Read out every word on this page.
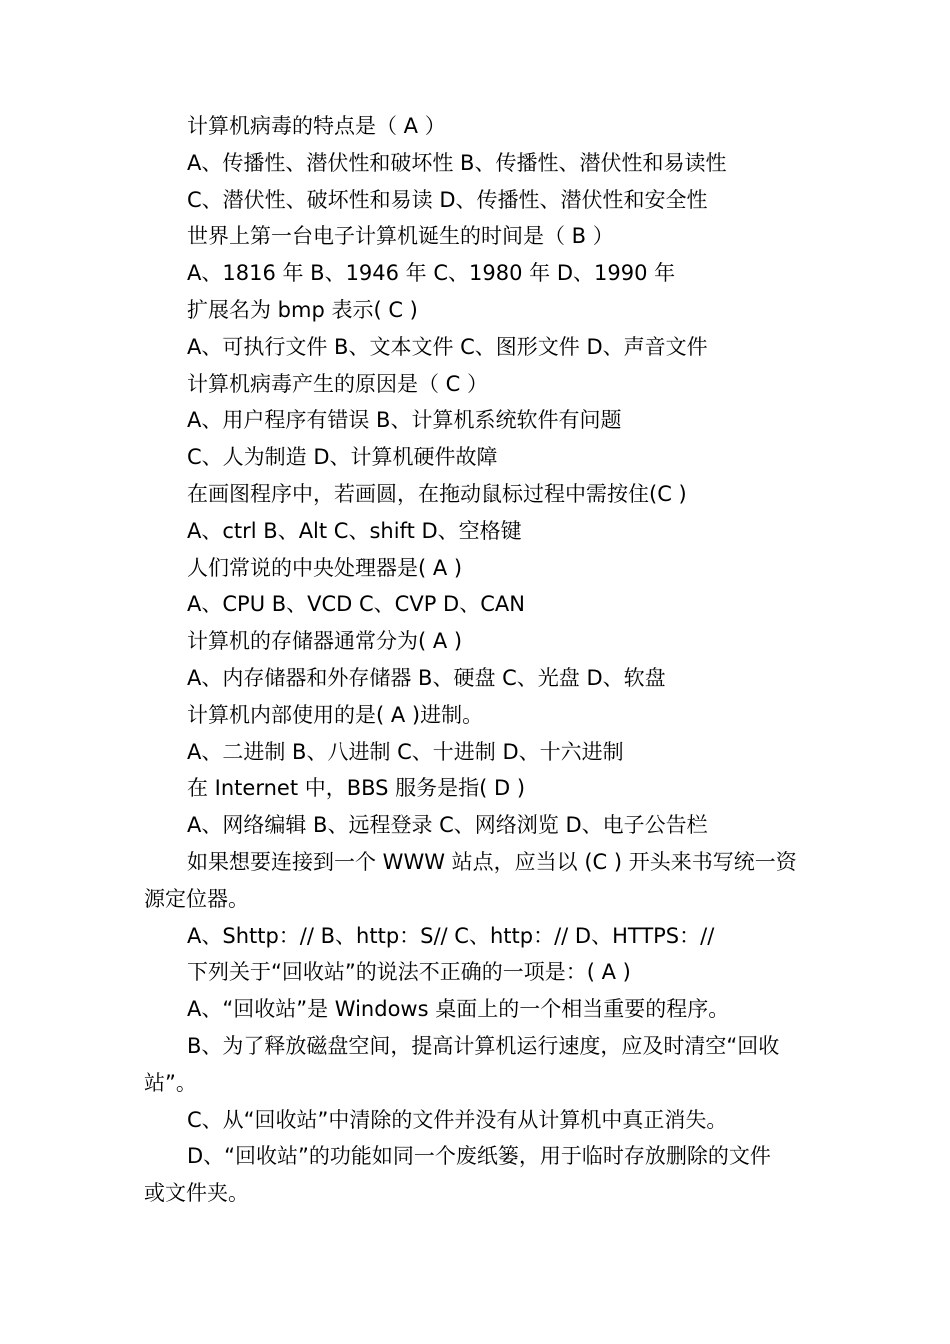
计算机病毒的特点是（ A ）
A、传播性、潜伏性和破坏性 B、传播性、潜伏性和易读性
C、潜伏性、破坏性和易读 D、传播性、潜伏性和安全性
世界上第一台电子计算机诞生的时间是（ B ）
A、1816 年 B、1946 年 C、1980 年 D、1990 年
扩展名为 bmp 表示( C )
A、可执行文件 B、文本文件 C、图形文件 D、声音文件
计算机病毒产生的原因是（ C ）
A、用户程序有错误 B、计算机系统软件有问题
C、人为制造 D、计算机硬件故障
在画图程序中，若画圆，在拖动鼠标过程中需按住(C )
A、ctrl B、Alt C、shift D、空格键
人们常说的中央处理器是( A )
A、CPU B、VCD C、CVP D、CAN
计算机的存储器通常分为( A )
A、内存储器和外存储器 B、硬盘 C、光盘 D、软盘
计算机内部使用的是( A )进制。
A、二进制 B、八进制 C、十进制 D、十六进制
在 Internet 中，BBS 服务是指( D )
A、网络编辑 B、远程登录 C、网络浏览 D、电子公告栏
如果想要连接到一个 WWW 站点，应当以 (C ) 开头来书写统一资
源定位器。
A、Shttp：// B、http：S// C、http：// D、HTTPS：//
下列关于“回收站”的说法不正确的一项是：( A )
A、“回收站”是 Windows 桌面上的一个相当重要的程序。
B、为了释放磁盘空间，提高计算机运行速度，应及时清空“回收
站”。
C、从“回收站”中清除的文件并没有从计算机中真正消失。
D、“回收站”的功能如同一个废纸篓，用于临时存放删除的文件
或文件夹。
